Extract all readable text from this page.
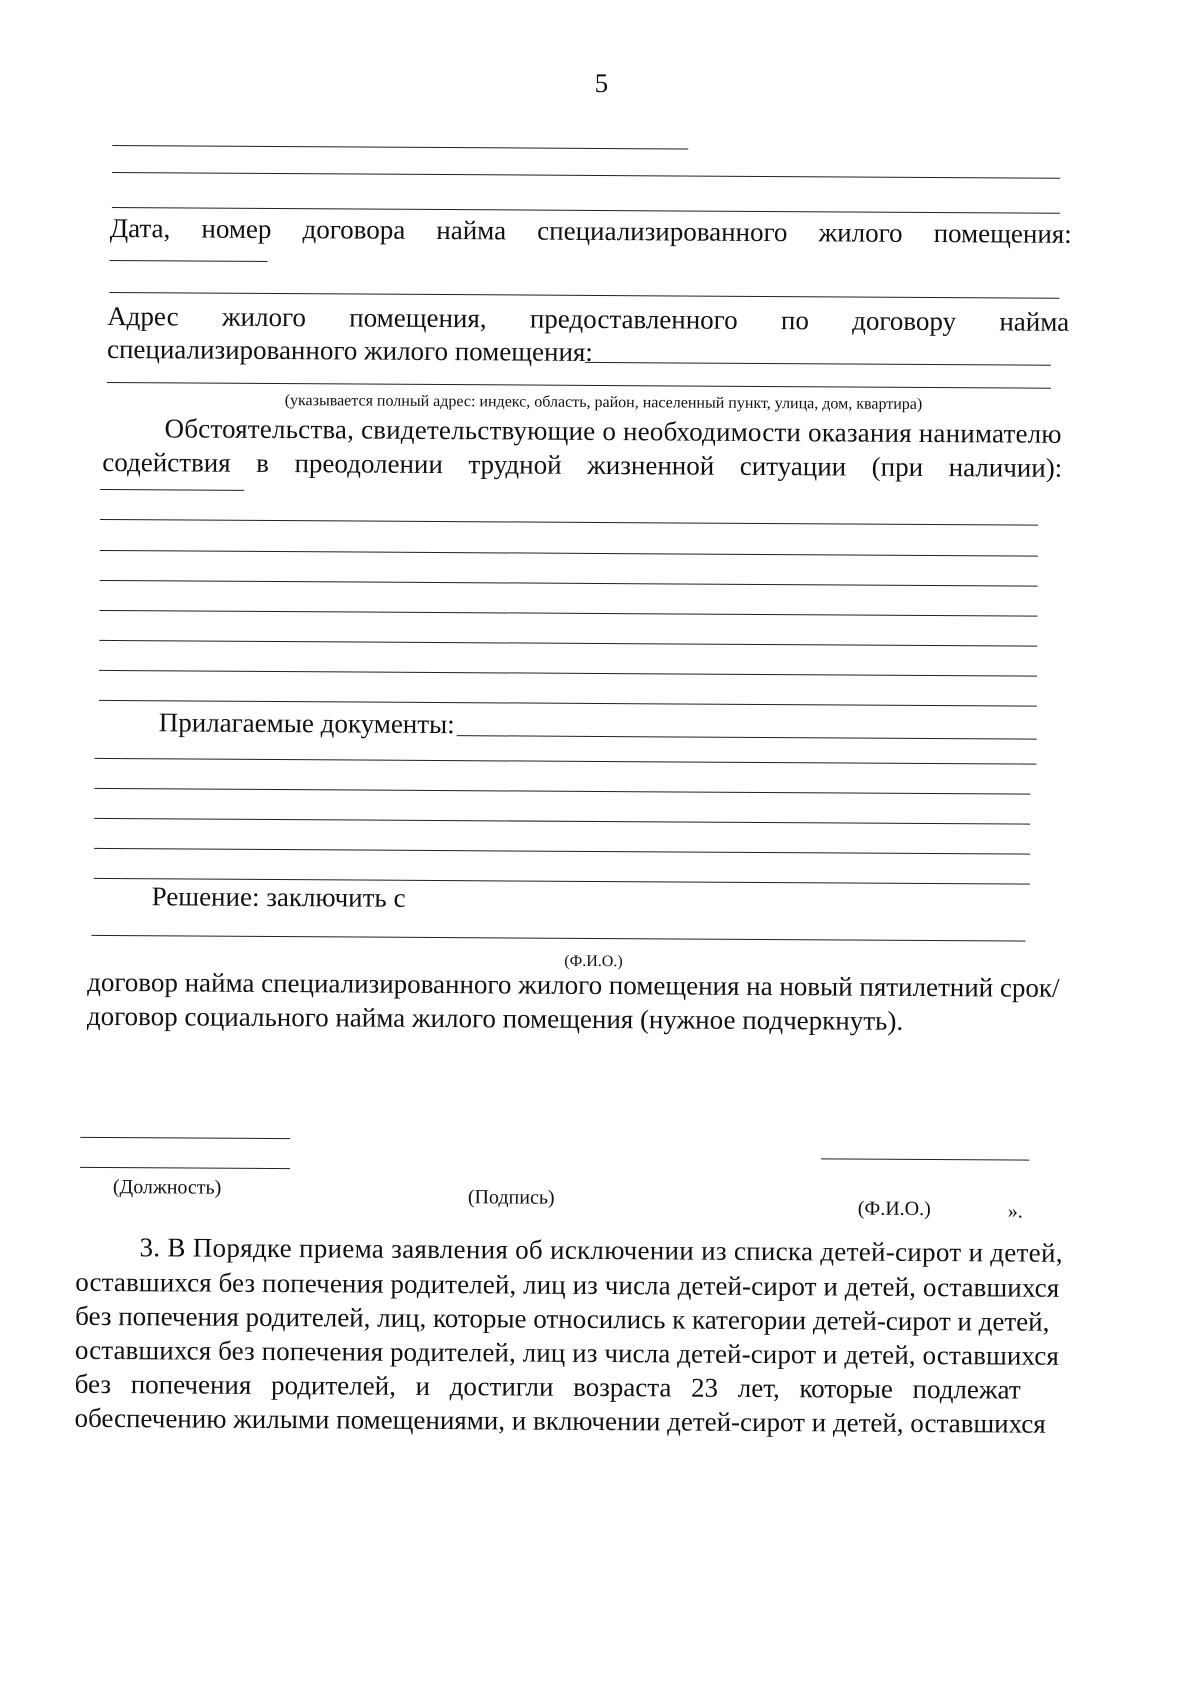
5
Дата, номер договора найма специализированного жилого помещения:
Адрес жилого помещения, предоставленного по договору найма
специализированного жилого помещения:
(указывается полный адрес: индекс, область, район, населенный пункт, улица, дом, квартира)
Обстоятельства, свидетельствующие о необходимости оказания нанимателю
содействия в преодолении трудной жизненной ситуации (при наличии):
Прилагаемые документы:
Решение: заключить с
(Ф.И.О.)
договор найма специализированного жилого помещения на новый пятилетний срок/
договор социального найма жилого помещения (нужное подчеркнуть).
(Должность)	(Подпись)
(Ф.И.О.)	».
3. В Порядке приема заявления об исключении из списка детей-сирот и детей,
оставшихся без попечения родителей, лиц из числа детей-сирот и детей, оставшихся
без попечения родителей, лиц, которые относились к категории детей-сирот и детей,
оставшихся без попечения родителей, лиц из числа детей-сирот и детей, оставшихся
без попечения родителей, и достигли возраста 23 лет, которые подлежат
обеспечению жилыми помещениями, и включении детей-сирот и детей, оставшихся
